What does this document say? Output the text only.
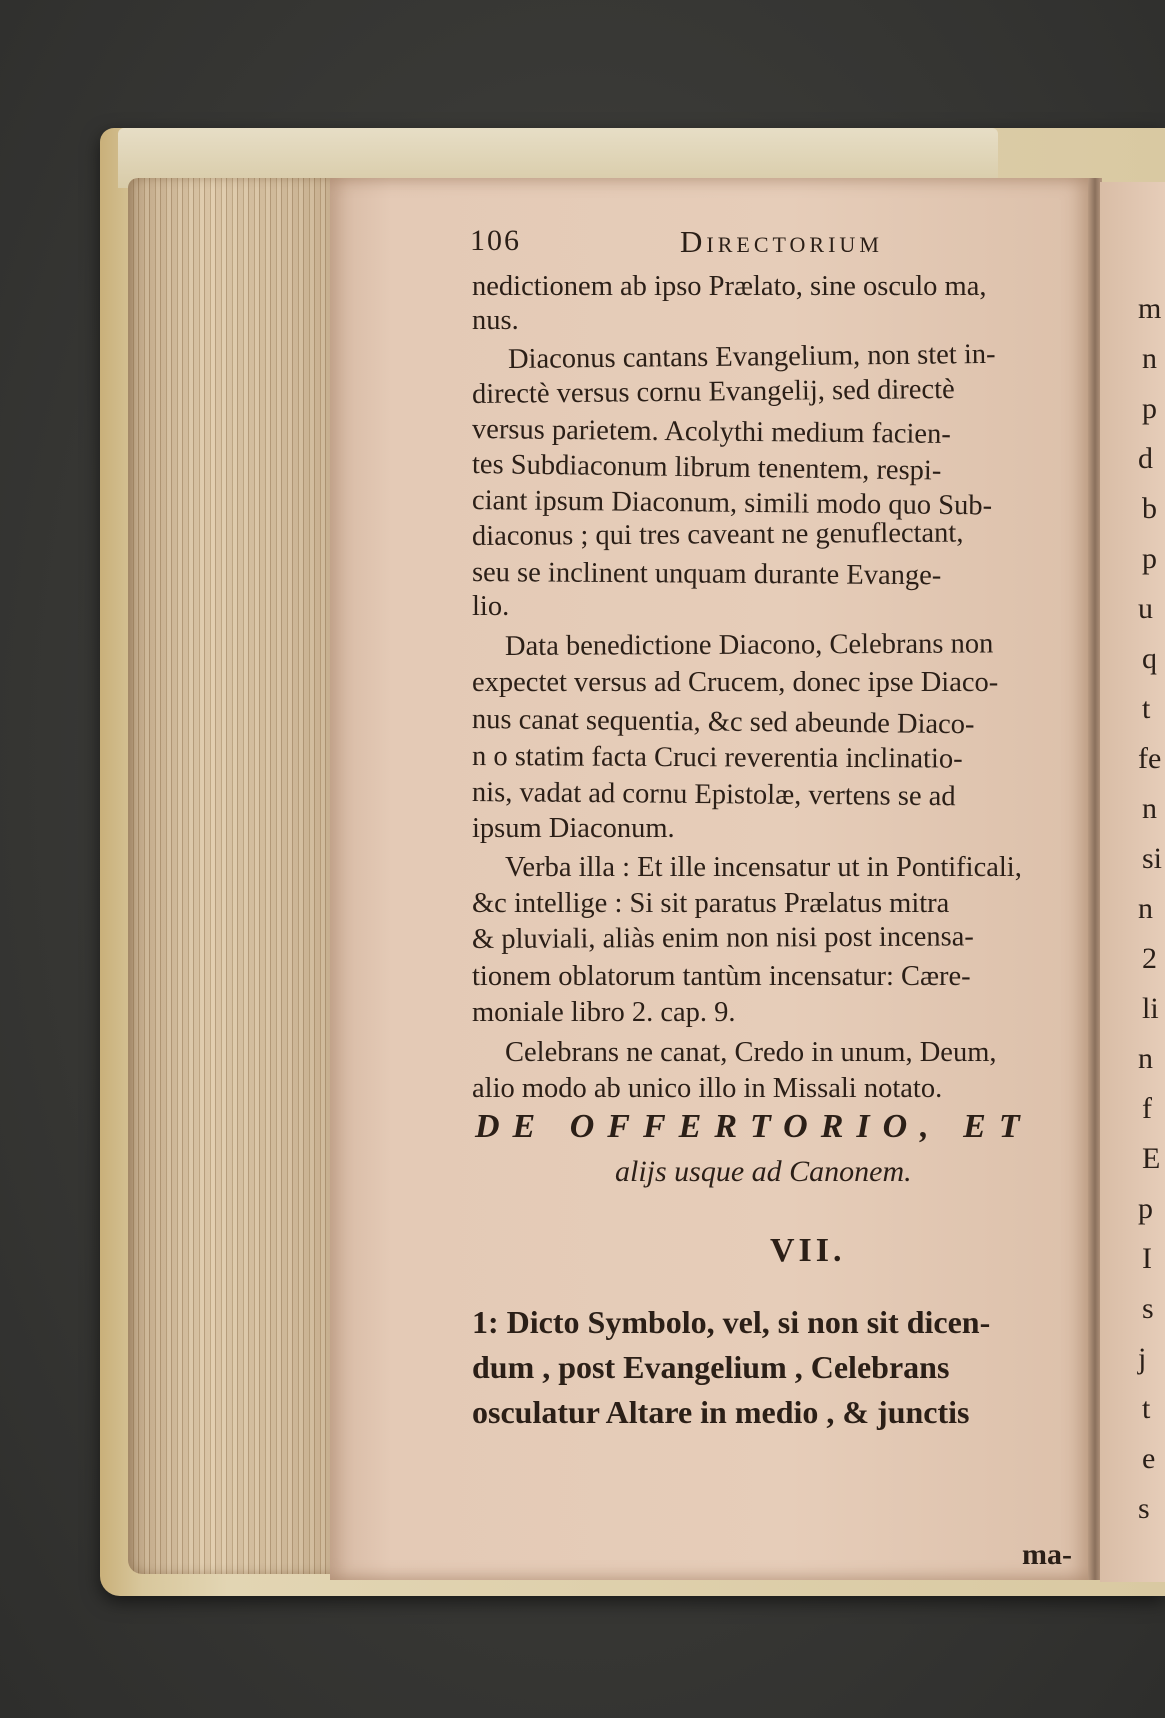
m
n
p
d
b
p
u
q
t
fe
n
si
n
2
li
n
f
E
p
I
s
j
t
e
s
106	Directorium
nedictionem ab ipso Prælato, sine osculo ma,
nus.
Diaconus cantans Evangelium, non stet in-
directè versus cornu Evangelij, sed directè
versus parietem. Acolythi medium facien-
tes Subdiaconum librum tenentem, respi-
ciant ipsum Diaconum, simili modo quo Sub-
diaconus ; qui tres caveant ne genuflectant,
seu se inclinent unquam durante Evange-
lio.
Data benedictione Diacono, Celebrans non
expectet versus ad Crucem, donec ipse Diaco-
nus canat sequentia, &c sed abeunde Diaco-
n o statim facta Cruci reverentia inclinatio-
nis, vadat ad cornu Epistolæ, vertens se ad
ipsum Diaconum.
Verba illa : Et ille incensatur ut in Pontificali,
&c intellige : Si sit paratus Prælatus mitra
& pluviali, aliàs enim non nisi post incensa-
tionem oblatorum tantùm incensatur: Cære-
moniale libro 2. cap. 9.
Celebrans ne canat, Credo in unum, Deum,
alio modo ab unico illo in Missali notato.
DE OFFERTORIO, ET
alijs usque ad Canonem.
VII.
1: Dicto Symbolo, vel, si non sit dicen-
dum , post Evangelium , Celebrans
osculatur Altare in medio , & junctis
ma-
